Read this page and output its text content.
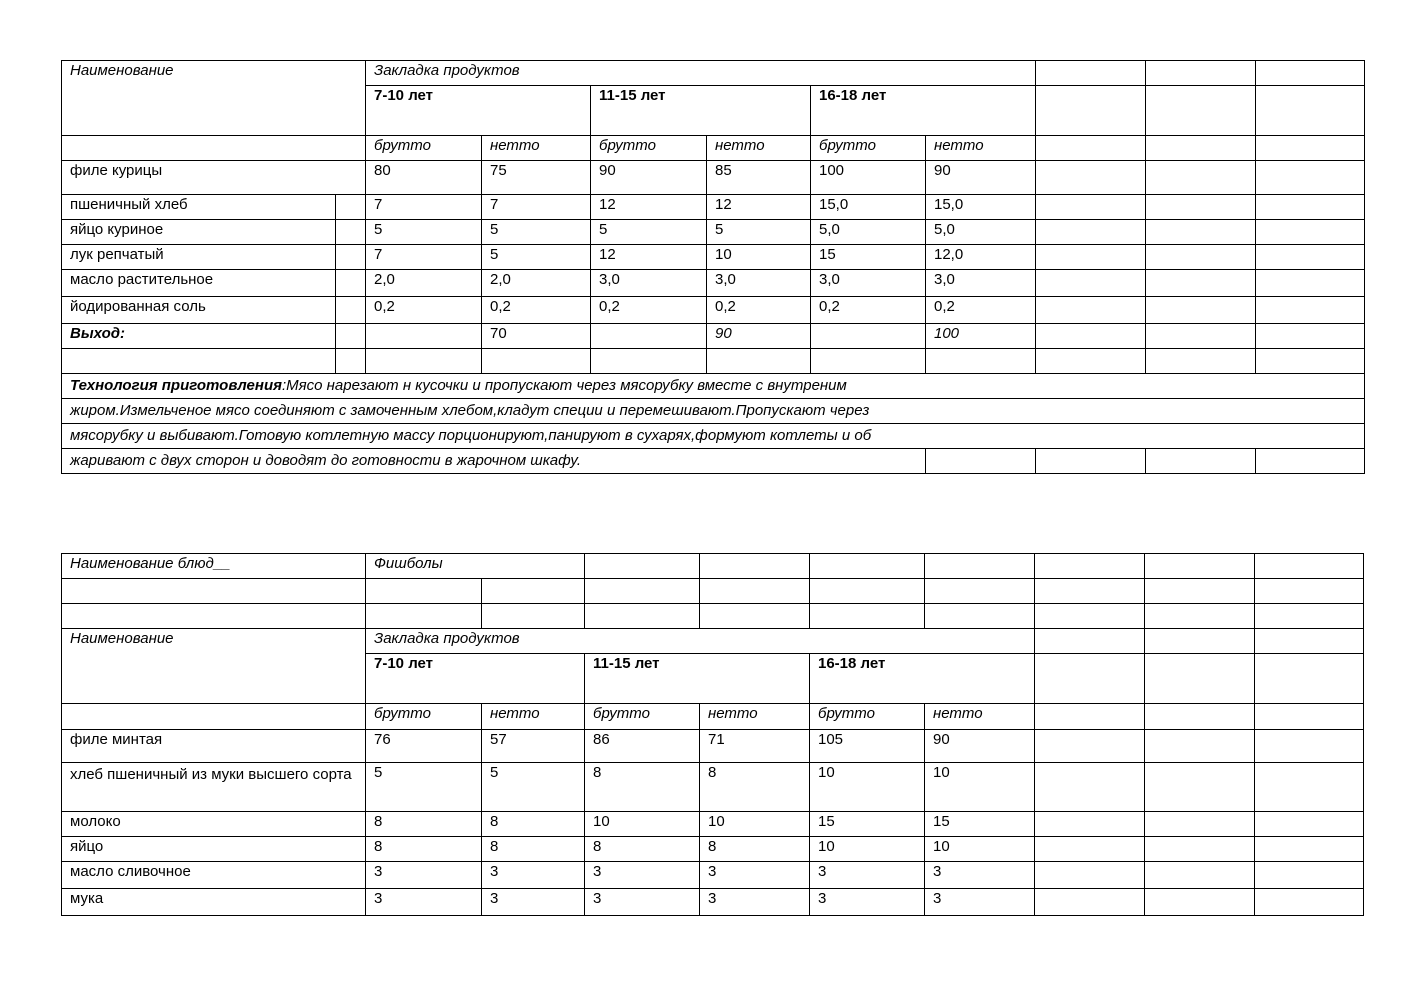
Наименование		Закладка продуктов								
		7-10 лет		11-15 лет		16-18 лет				
		брутто	нетто	брутто	нетто	брутто	нетто			
филе курицы		80	75	90	85	100	90			
пшеничный хлеб		7	7	12	12	15,0	15,0			
яйцо куриное		5	5	5	5	5,0	5,0			
лук репчатый		7	5	12	10	15	12,0			
масло растительное		2,0	2,0	3,0	3,0	3,0	3,0			
йодированная соль		0,2	0,2	0,2	0,2	0,2	0,2			
Выход:			70		90		100			

Технология приготовления:Мясо нарезают н кусочки и пропускают через мясорубку вместе с внутреним										
жиром.Измельченое мясо соединяют с замоченным хлебом,кладут специи и перемешивают.Пропускают через										
мясорубку и выбивают.Готовую котлетную массу порционируют,панируют в сухарях,формуют котлеты и об										
жаривают с двух сторон и доводят до готовности в жарочном шкафу.										
Наименование блюд__	Фишболы								

Наименование	Закладка продуктов								
	7-10 лет		11-15 лет		16-18 лет				
	брутто	нетто	брутто	нетто	брутто	нетто			
филе минтая	76	57	86	71	105	90			
хлеб пшеничный из муки высшего сорта	5	5	8	8	10	10			
молоко	8	8	10	10	15	15			
яйцо	8	8	8	8	10	10			
масло сливочное	3	3	3	3	3	3			
мука	3	3	3	3	3	3			
